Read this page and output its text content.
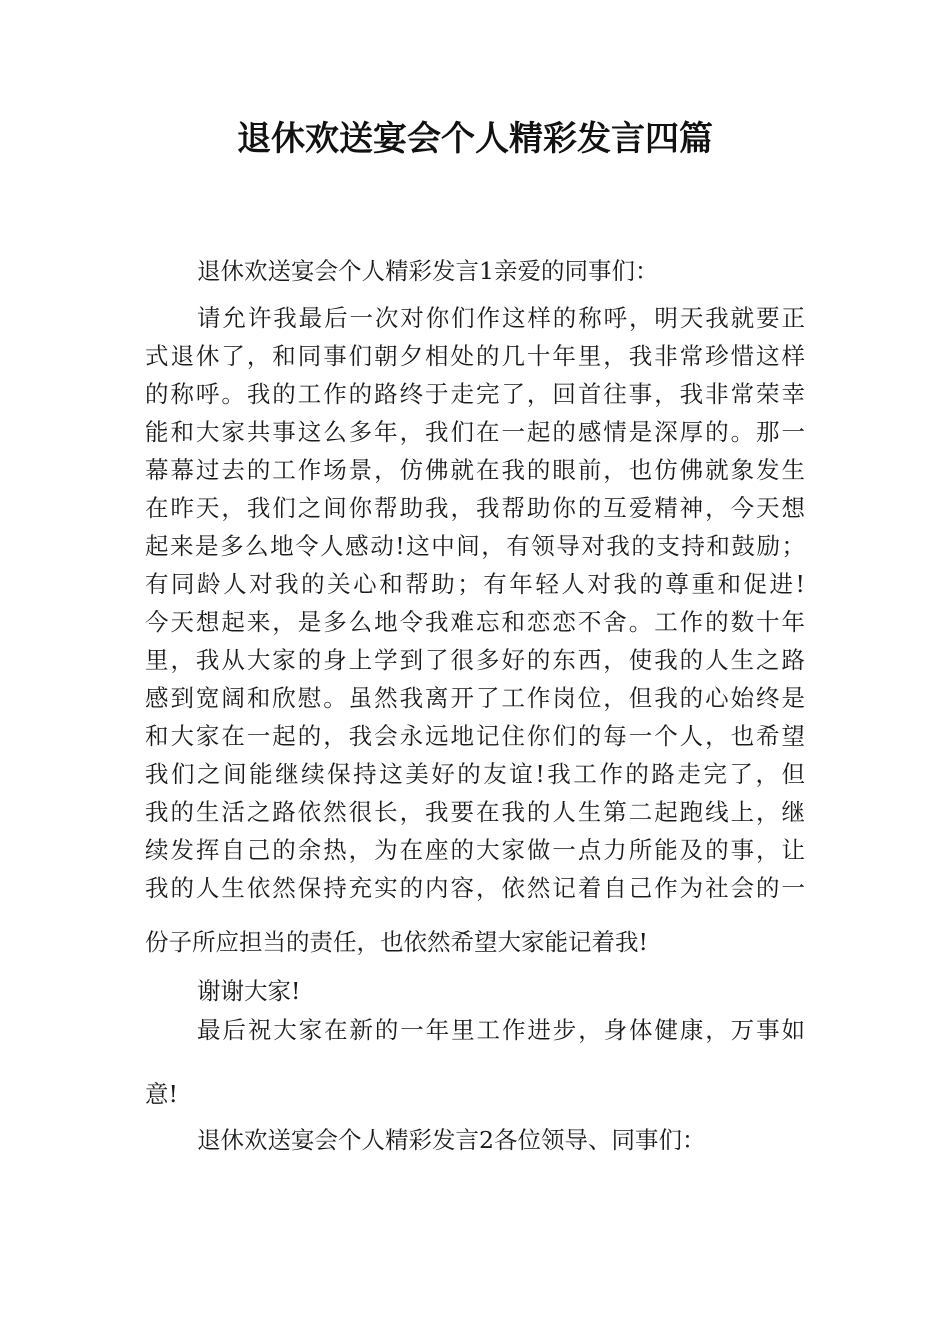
退休欢送宴会个人精彩发言四篇
退休欢送宴会个人精彩发言1亲爱的同事们：
请允许我最后一次对你们作这样的称呼，明天我就要正
式退休了，和同事们朝夕相处的几十年里，我非常珍惜这样
的称呼。我的工作的路终于走完了，回首往事，我非常荣幸
能和大家共事这么多年，我们在一起的感情是深厚的。那一
幕幕过去的工作场景，仿佛就在我的眼前，也仿佛就象发生
在昨天，我们之间你帮助我，我帮助你的互爱精神，今天想
起来是多么地令人感动!这中间，有领导对我的支持和鼓励；
有同龄人对我的关心和帮助；有年轻人对我的尊重和促进!
今天想起来，是多么地令我难忘和恋恋不舍。工作的数十年
里，我从大家的身上学到了很多好的东西，使我的人生之路
感到宽阔和欣慰。虽然我离开了工作岗位，但我的心始终是
和大家在一起的，我会永远地记住你们的每一个人，也希望
我们之间能继续保持这美好的友谊!我工作的路走完了，但
我的生活之路依然很长，我要在我的人生第二起跑线上，继
续发挥自己的余热，为在座的大家做一点力所能及的事，让
我的人生依然保持充实的内容，依然记着自己作为社会的一
份子所应担当的责任，也依然希望大家能记着我!
谢谢大家!
最后祝大家在新的一年里工作进步，身体健康，万事如
意!
退休欢送宴会个人精彩发言2各位领导、同事们：
